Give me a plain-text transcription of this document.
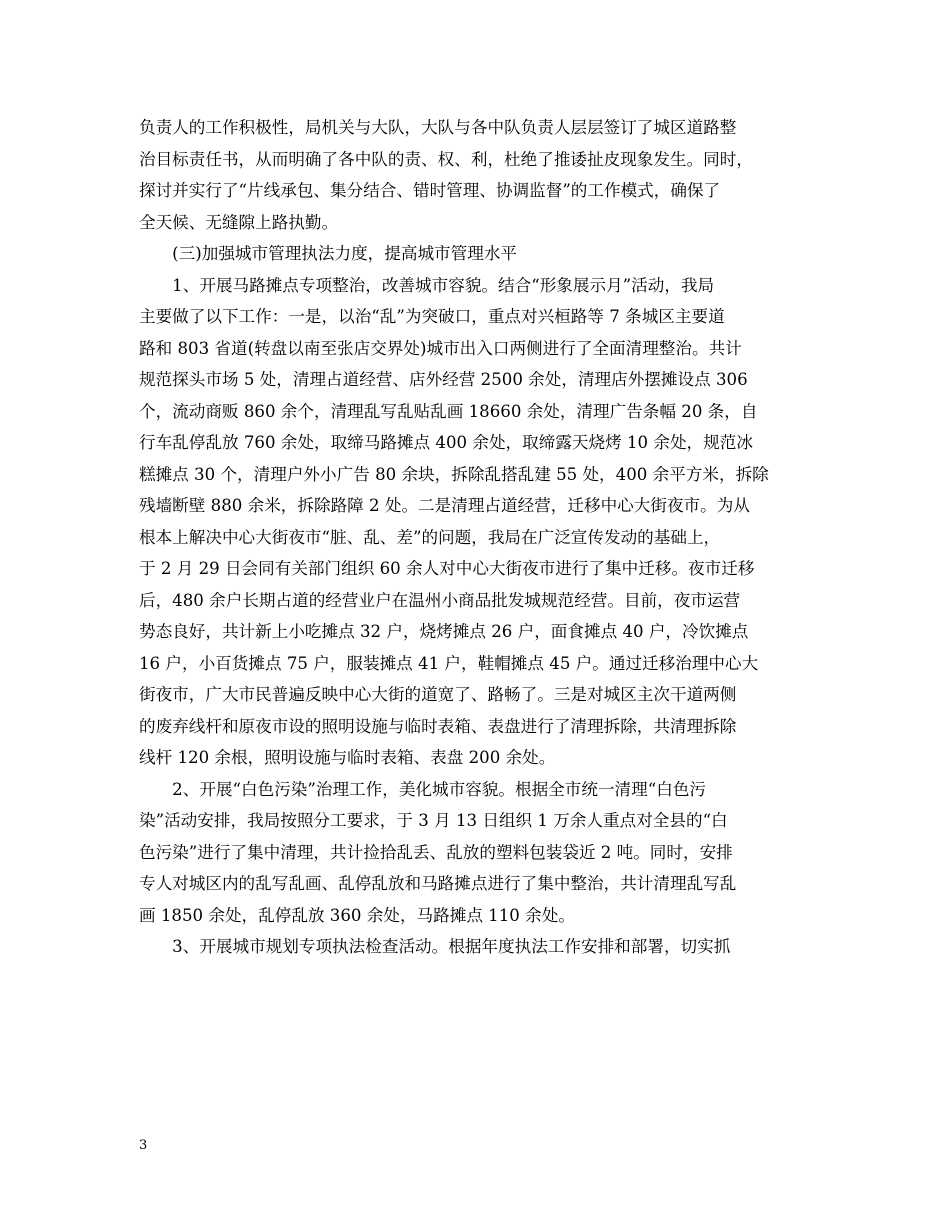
负责人的工作积极性，局机关与大队，大队与各中队负责人层层签订了城区道路整
治目标责任书，从而明确了各中队的责、权、利，杜绝了推诿扯皮现象发生。同时，
探讨并实行了“片线承包、集分结合、错时管理、协调监督”的工作模式，确保了
全天候、无缝隙上路执勤。
　　(三)加强城市管理执法力度，提高城市管理水平
　　1、开展马路摊点专项整治，改善城市容貌。结合“形象展示月”活动，我局
主要做了以下工作：一是，以治“乱”为突破口，重点对兴桓路等 7 条城区主要道
路和 803 省道(转盘以南至张店交界处)城市出入口两侧进行了全面清理整治。共计
规范探头市场 5 处，清理占道经营、店外经营 2500 余处，清理店外摆摊设点 306
个，流动商贩 860 余个，清理乱写乱贴乱画 18660 余处，清理广告条幅 20 条，自
行车乱停乱放 760 余处，取缔马路摊点 400 余处，取缔露天烧烤 10 余处，规范冰
糕摊点 30 个，清理户外小广告 80 余块，拆除乱搭乱建 55 处，400 余平方米，拆除
残墙断壁 880 余米，拆除路障 2 处。二是清理占道经营，迁移中心大街夜市。为从
根本上解决中心大街夜市“脏、乱、差”的问题，我局在广泛宣传发动的基础上，
于 2 月 29 日会同有关部门组织 60 余人对中心大街夜市进行了集中迁移。夜市迁移
后，480 余户长期占道的经营业户在温州小商品批发城规范经营。目前，夜市运营
势态良好，共计新上小吃摊点 32 户，烧烤摊点 26 户，面食摊点 40 户，冷饮摊点
16 户，小百货摊点 75 户，服装摊点 41 户，鞋帽摊点 45 户。通过迁移治理中心大
街夜市，广大市民普遍反映中心大街的道宽了、路畅了。三是对城区主次干道两侧
的废弃线杆和原夜市设的照明设施与临时表箱、表盘进行了清理拆除，共清理拆除
线杆 120 余根，照明设施与临时表箱、表盘 200 余处。
　　2、开展“白色污染”治理工作，美化城市容貌。根据全市统一清理“白色污
染”活动安排，我局按照分工要求，于 3 月 13 日组织 1 万余人重点对全县的“白
色污染”进行了集中清理，共计捡拾乱丢、乱放的塑料包装袋近 2 吨。同时，安排
专人对城区内的乱写乱画、乱停乱放和马路摊点进行了集中整治，共计清理乱写乱
画 1850 余处，乱停乱放 360 余处，马路摊点 110 余处。
　　3、开展城市规划专项执法检查活动。根据年度执法工作安排和部署，切实抓
3
